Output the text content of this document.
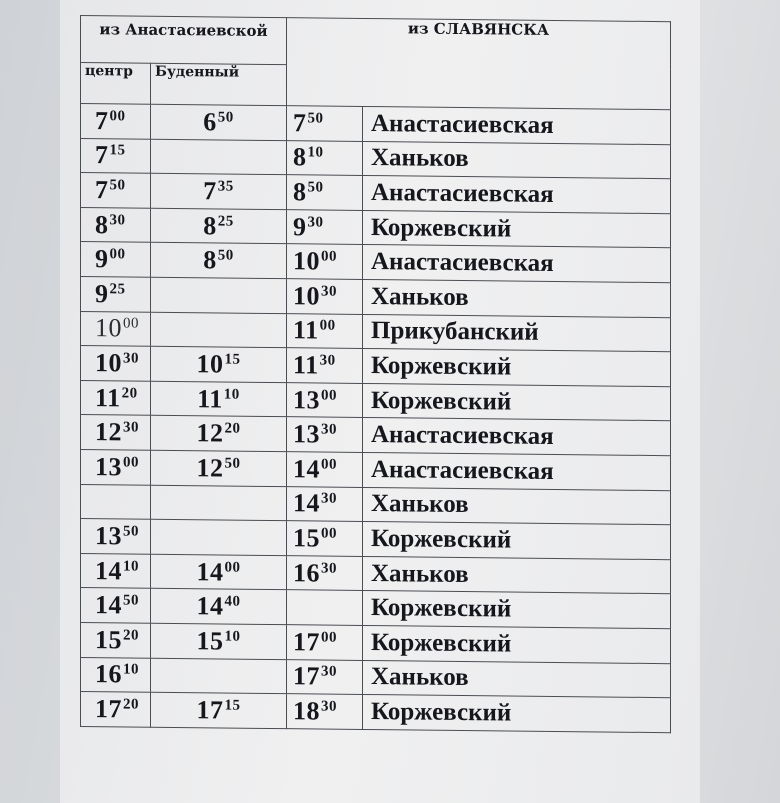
из Анастасиевской		из СЛАВЯНСКА	
центр	Буденный		
$7^{00}$	$6^{50}$	$7^{50}$	Анастасиевская
$7^{15}$		$8^{10}$	Ханьков
$7^{50}$	$7^{35}$	$8^{50}$	Анастасиевская
$8^{30}$	$8^{25}$	$9^{30}$	Коржевский
$9^{00}$	$8^{50}$	$10^{00}$	Анастасиевская
$9^{25}$		$10^{30}$	Ханьков
$10^{00}$		$11^{00}$	Прикубанский
$10^{30}$	$10^{15}$	$11^{30}$	Коржевский
$11^{20}$	$11^{10}$	$13^{00}$	Коржевский
$12^{30}$	$12^{20}$	$13^{30}$	Анастасиевская
$13^{00}$	$12^{50}$	$14^{00}$	Анастасиевская
		$14^{30}$	Ханьков
$13^{50}$		$15^{00}$	Коржевский
$14^{10}$	$14^{00}$	$16^{30}$	Ханьков
$14^{50}$	$14^{40}$		Коржевский
$15^{20}$	$15^{10}$	$17^{00}$	Коржевский
$16^{10}$		$17^{30}$	Ханьков
$17^{20}$	$17^{15}$	$18^{30}$	Коржевский
